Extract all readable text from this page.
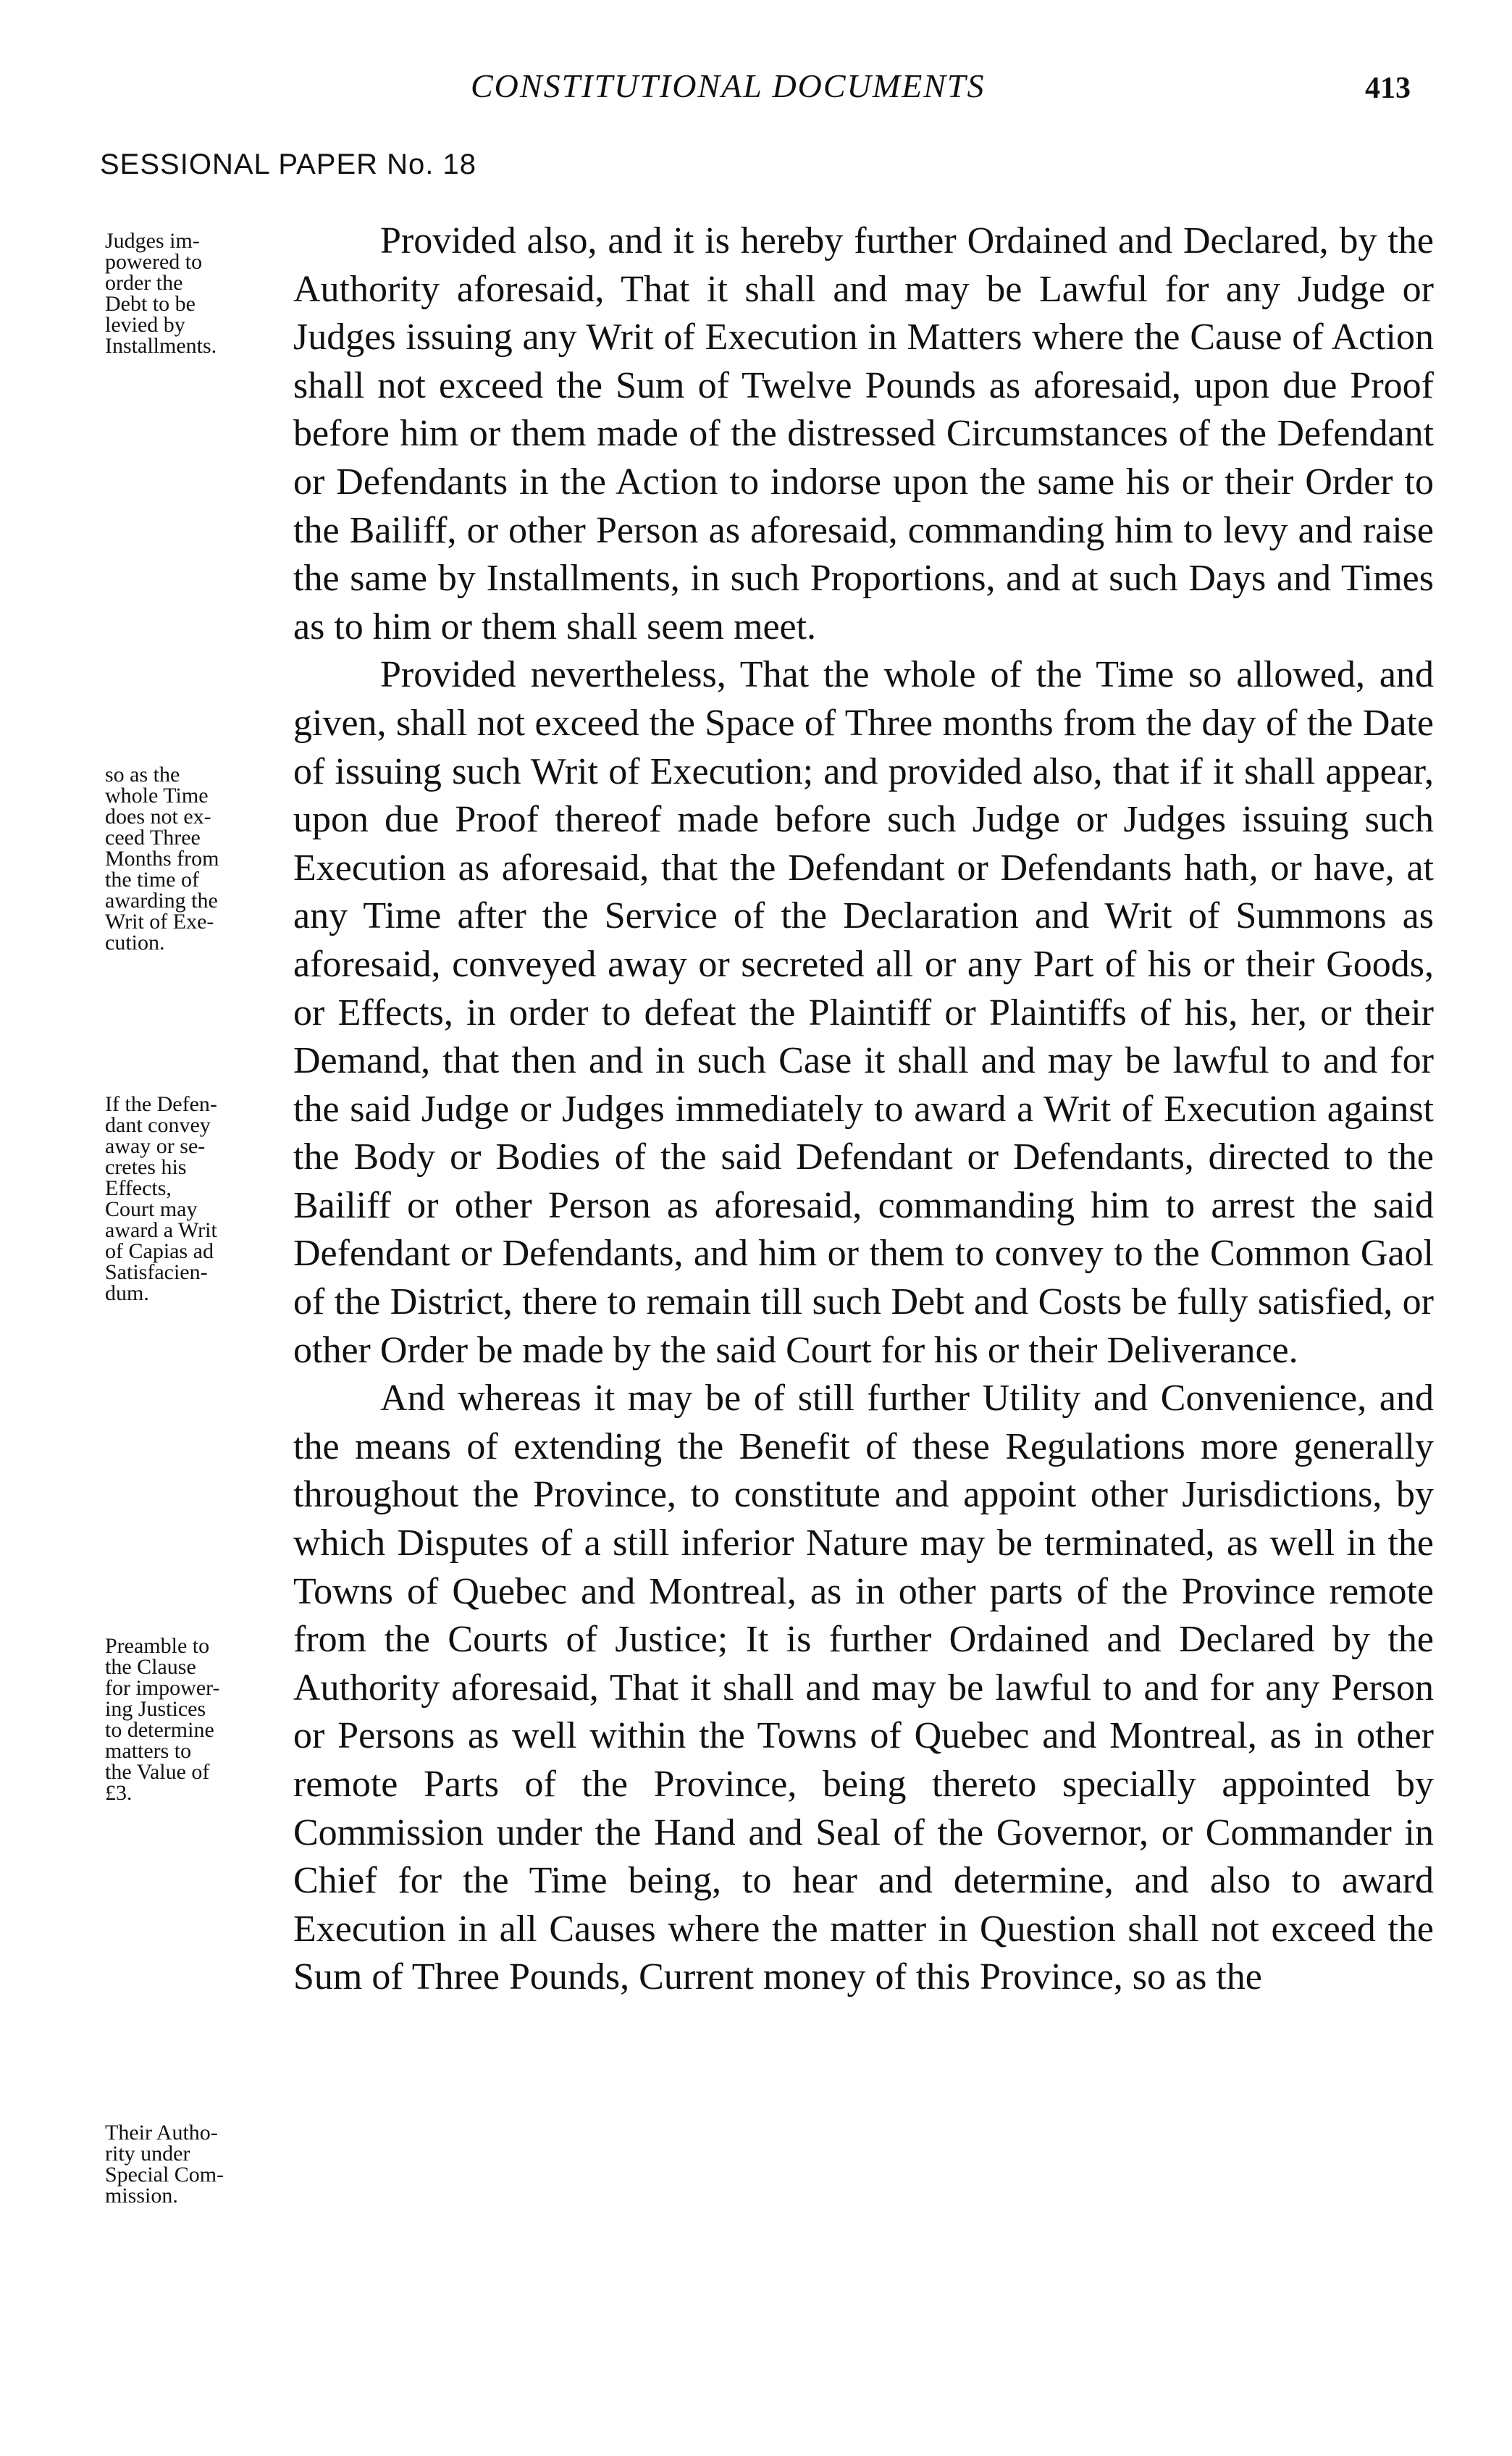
CONSTITUTIONAL DOCUMENTS	413
SESSIONAL PAPER No. 18
Judges im-
powered to
order the
Debt to be
levied by
Installments.
so as the
whole Time
does not ex-
ceed Three
Months from
the time of
awarding the
Writ of Exe-
cution.
If the Defen-
dant convey
away or se-
cretes his
Effects,
Court may
award a Writ
of Capias ad
Satisfacien-
dum.
Preamble to
the Clause
for impower-
ing Justices
to determine
matters to
the Value of
£3.
Their Autho-
rity under
Special Com-
mission.

Provided also, and it is hereby further Ordained and Declared, by the Authority aforesaid, That it shall and may be Lawful for any Judge or Judges issuing any Writ of Execution in Matters where the Cause of Action shall not exceed the Sum of Twelve Pounds as aforesaid, upon due Proof before him or them made of the distressed Circumstances of the Defendant or Defendants in the Action to indorse upon the same his or their Order to the Bailiff, or other Person as aforesaid, commanding him to levy and raise the same by Installments, in such Proportions, and at such Days and Times as to him or them shall seem meet.

Provided nevertheless, That the whole of the Time so allowed, and given, shall not exceed the Space of Three months from the day of the Date of issuing such Writ of Execution; and provided also, that if it shall appear, upon due Proof thereof made before such Judge or Judges issuing such Execution as aforesaid, that the Defendant or Defendants hath, or have, at any Time after the Service of the Declaration and Writ of Summons as aforesaid, conveyed away or secreted all or any Part of his or their Goods, or Effects, in order to defeat the Plaintiff or Plaintiffs of his, her, or their Demand, that then and in such Case it shall and may be lawful to and for the said Judge or Judges immediately to award a Writ of Execution against the Body or Bodies of the said Defendant or Defendants, directed to the Bailiff or other Person as aforesaid, commanding him to arrest the said Defendant or Defendants, and him or them to convey to the Common Gaol of the District, there to remain till such Debt and Costs be fully satisfied, or other Order be made by the said Court for his or their Deliverance.

And whereas it may be of still further Utility and Convenience, and the means of extending the Benefit of these Regulations more generally throughout the Province, to constitute and appoint other Jurisdictions, by which Disputes of a still inferior Nature may be terminated, as well in the Towns of Quebec and Montreal, as in other parts of the Province remote from the Courts of Justice; It is further Ordained and Declared by the Authority aforesaid, That it shall and may be lawful to and for any Person or Persons as well within the Towns of Quebec and Montreal, as in other remote Parts of the Province, being thereto specially appointed by Commission under the Hand and Seal of the Governor, or Commander in Chief for the Time being, to hear and determine, and also to award Execution in all Causes where the matter in Question shall not exceed the Sum of Three Pounds, Current money of this Province, so as the
